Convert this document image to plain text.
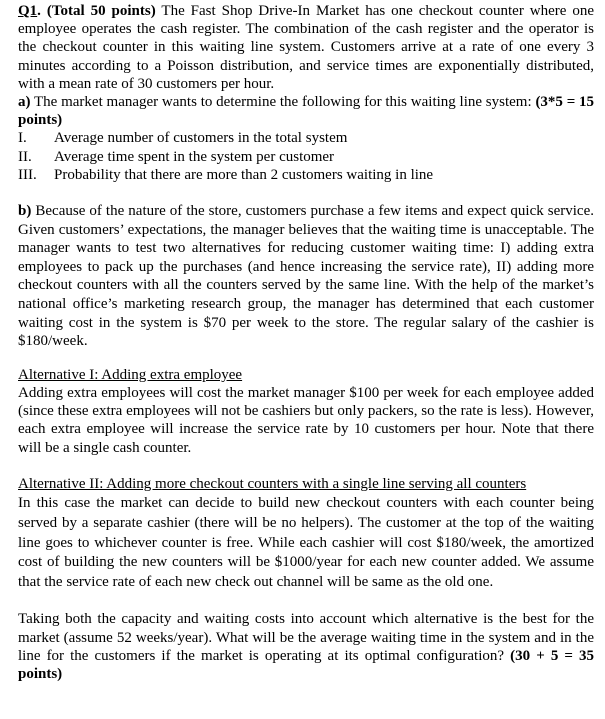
Q1. (Total 50 points) The Fast Shop Drive-In Market has one checkout counter where one employee operates the cash register. The combination of the cash register and the operator is the checkout counter in this waiting line system. Customers arrive at a rate of one every 3 minutes according to a Poisson distribution, and service times are exponentially distributed, with a mean rate of 30 customers per hour.

a) The market manager wants to determine the following for this waiting line system: (3*5 = 15 points)

I.	Average number of customers in the total system
II.	Average time spent in the system per customer
III.	Probability that there are more than 2 customers waiting in line

b) Because of the nature of the store, customers purchase a few items and expect quick service. Given customers’ expectations, the manager believes that the waiting time is unacceptable. The manager wants to test two alternatives for reducing customer waiting time: I) adding extra employees to pack up the purchases (and hence increasing the service rate), II) adding more checkout counters with all the counters served by the same line. With the help of the market’s national office’s marketing research group, the manager has determined that each customer waiting cost in the system is $70 per week to the store. The regular salary of the cashier is $180/week.

Alternative I: Adding extra employee
Adding extra employees will cost the market manager $100 per week for each employee added (since these extra employees will not be cashiers but only packers, so the rate is less). However, each extra employee will increase the service rate by 10 customers per hour. Note that there will be a single cash counter.

Alternative II: Adding more checkout counters with a single line serving all counters
In this case the market can decide to build new checkout counters with each counter being served by a separate cashier (there will be no helpers). The customer at the top of the waiting line goes to whichever counter is free. While each cashier will cost $180/week, the amortized cost of building the new counters will be $1000/year for each new counter added. We assume that the service rate of each new check out channel will be same as the old one.

Taking both the capacity and waiting costs into account which alternative is the best for the market (assume 52 weeks/year). What will be the average waiting time in the system and in the line for the customers if the market is operating at its optimal configuration? (30 + 5 = 35 points)
